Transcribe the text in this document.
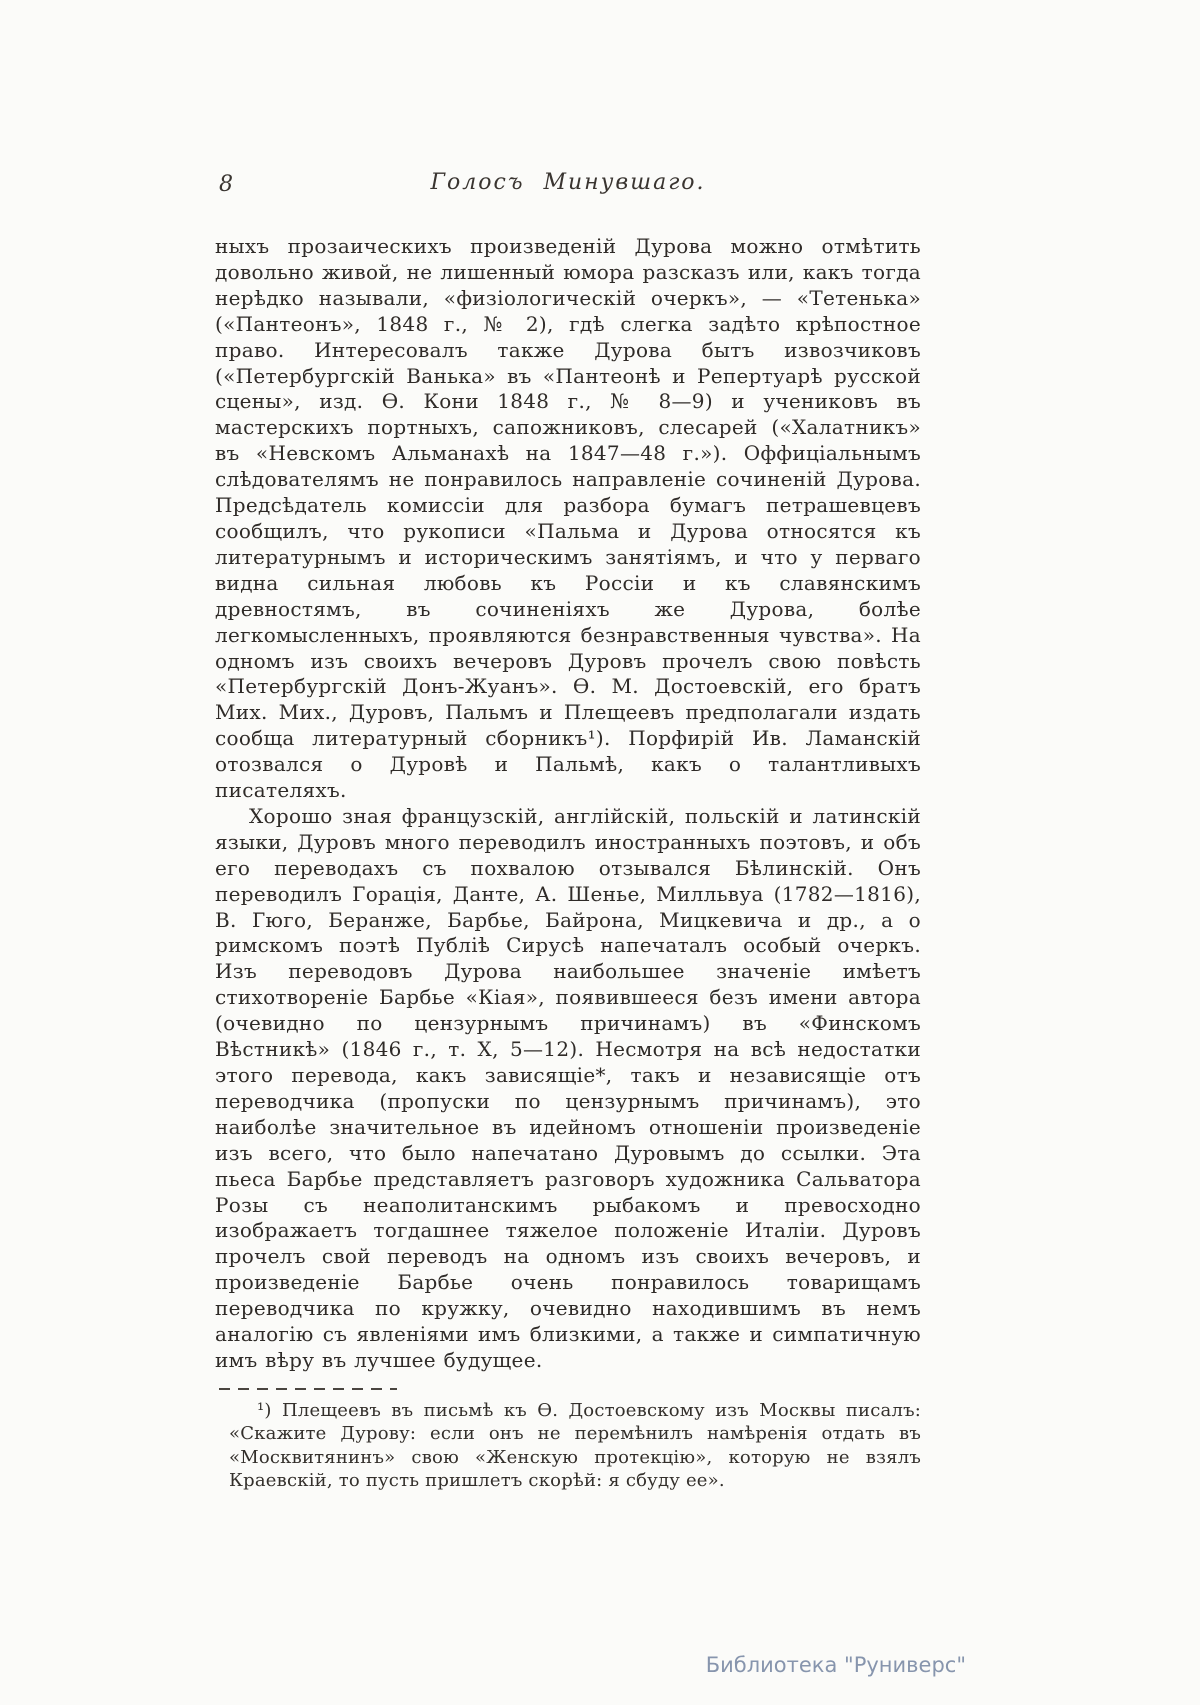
8	Голосъ Минувшаго.

ныхъ прозаическихъ произведеній Дурова можно отмѣтить довольно живой, не лишенный юмора разсказъ или, какъ тогда нерѣдко называли, «физіологическій очеркъ», — «Тетенька» («Пантеонъ», 1848 г., № 2), гдѣ слегка задѣто крѣпостное право. Интересовалъ также Дурова бытъ извозчиковъ («Петербургскій Ванька» въ «Пантеонѣ и Репертуарѣ русской сцены», изд. Ѳ. Кони 1848 г., № 8—9) и учениковъ въ мастерскихъ портныхъ, сапожниковъ, слесарей («Халатникъ» въ «Невскомъ Альманахѣ на 1847—48 г.»). Оффиціальнымъ слѣдователямъ не понравилось направленіе сочиненій Дурова. Предсѣдатель комиссіи для разбора бумагъ петрашевцевъ сообщилъ, что рукописи «Пальма и Дурова относятся къ литературнымъ и историческимъ занятіямъ, и что у перваго видна сильная любовь къ Россіи и къ славянскимъ древностямъ, въ сочиненіяхъ же Дурова, болѣе легкомысленныхъ, проявляются безнравственныя чувства». На одномъ изъ своихъ вечеровъ Дуровъ прочелъ свою повѣсть «Петербургскій Донъ-Жуанъ». Ѳ. М. Достоевскій, его братъ Мих. Мих., Дуровъ, Пальмъ и Плещеевъ предполагали издать сообща литературный сборникъ¹). Порфирій Ив. Ламанскій отозвался о Дуровѣ и Пальмѣ, какъ о талантливыхъ писателяхъ.

Хорошо зная французскій, англійскій, польскій и латинскій языки, Дуровъ много переводилъ иностранныхъ поэтовъ, и объ его переводахъ съ похвалою отзывался Бѣлинскій. Онъ переводилъ Горація, Данте, А. Шенье, Милльвуа (1782—1816), В. Гюго, Беранже, Барбье, Байрона, Мицкевича и др., а о римскомъ поэтѣ Публіѣ Сирусѣ напечаталъ особый очеркъ. Изъ переводовъ Дурова наибольшее значеніе имѣетъ стихотвореніе Барбье «Кіая», появившееся безъ имени автора (очевидно по цензурнымъ причинамъ) въ «Финскомъ Вѣстникѣ» (1846 г., т. X, 5—12). Несмотря на всѣ недостатки этого перевода, какъ зависящіе*, такъ и независящіе отъ переводчика (пропуски по цензурнымъ причинамъ), это наиболѣе значительное въ идейномъ отношеніи произведеніе изъ всего, что было напечатано Дуровымъ до ссылки. Эта пьеса Барбье представляетъ разговоръ художника Сальватора Розы съ неаполитанскимъ рыбакомъ и превосходно изображаетъ тогдашнее тяжелое положеніе Италіи. Дуровъ прочелъ свой переводъ на одномъ изъ своихъ вечеровъ, и произведеніе Барбье очень понравилось товарищамъ переводчика по кружку, очевидно находившимъ въ немъ аналогію съ явленіями имъ близкими, а также и симпатичную имъ вѣру въ лучшее будущее.

¹) Плещеевъ въ письмѣ къ Ѳ. Достоевскому изъ Москвы писалъ: «Скажите Дурову: если онъ не перемѣнилъ намѣренія отдать въ «Москвитянинъ» свою «Женскую протекцію», которую не взялъ Краевскій, то пусть пришлетъ скорѣй: я сбуду ее».

Библиотека "Руниверс"
